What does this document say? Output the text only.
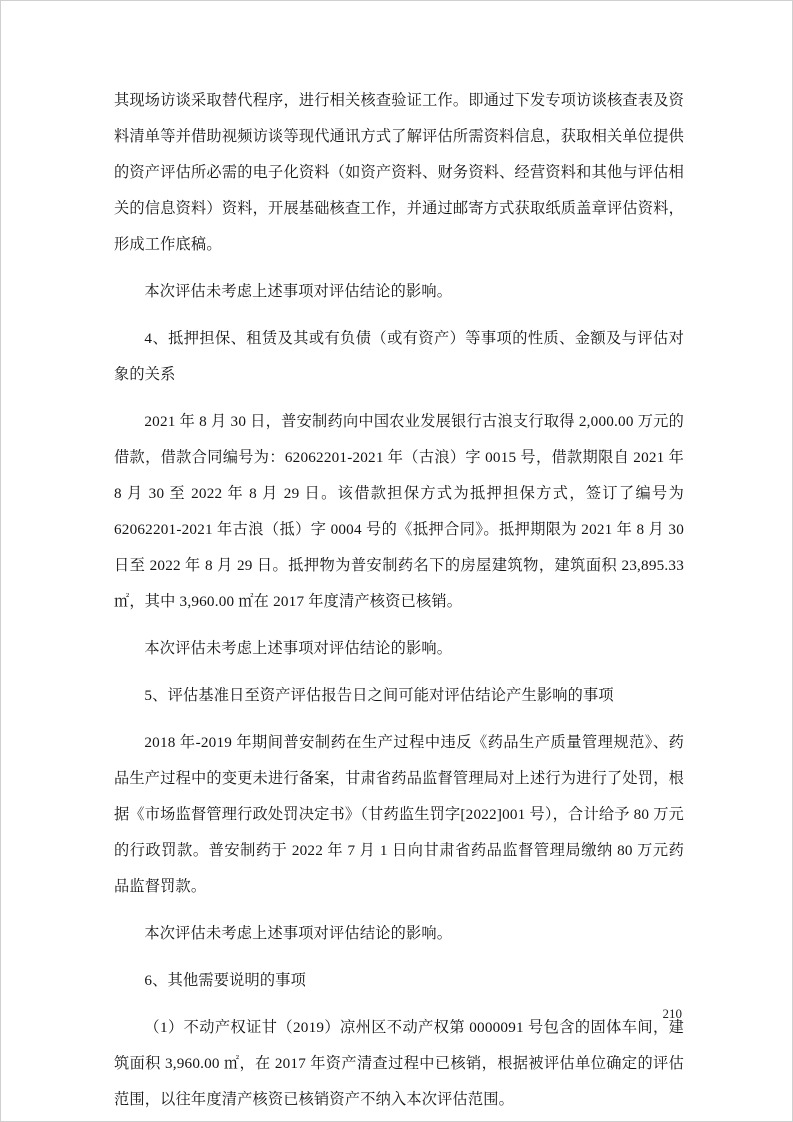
其现场访谈采取替代程序，进行相关核查验证工作。即通过下发专项访谈核查表及资料清单等并借助视频访谈等现代通讯方式了解评估所需资料信息，获取相关单位提供的资产评估所必需的电子化资料（如资产资料、财务资料、经营资料和其他与评估相关的信息资料）资料，开展基础核查工作，并通过邮寄方式获取纸质盖章评估资料，形成工作底稿。

本次评估未考虑上述事项对评估结论的影响。

4、抵押担保、租赁及其或有负债（或有资产）等事项的性质、金额及与评估对象的关系

2021 年 8 月 30 日，普安制药向中国农业发展银行古浪支行取得 2,000.00 万元的借款，借款合同编号为：62062201-2021 年（古浪）字 0015 号，借款期限自 2021 年 8 月 30 至 2022 年 8 月 29 日。该借款担保方式为抵押担保方式，签订了编号为 62062201-2021 年古浪（抵）字 0004 号的《抵押合同》。抵押期限为 2021 年 8 月 30 日至 2022 年 8 月 29 日。抵押物为普安制药名下的房屋建筑物，建筑面积 23,895.33 ㎡，其中 3,960.00 ㎡在 2017 年度清产核资已核销。

本次评估未考虑上述事项对评估结论的影响。

5、评估基准日至资产评估报告日之间可能对评估结论产生影响的事项

2018 年-2019 年期间普安制药在生产过程中违反《药品生产质量管理规范》、药品生产过程中的变更未进行备案，甘肃省药品监督管理局对上述行为进行了处罚，根据《市场监督管理行政处罚决定书》（甘药监生罚字[2022]001 号），合计给予 80 万元的行政罚款。普安制药于 2022 年 7 月 1 日向甘肃省药品监督管理局缴纳 80 万元药品监督罚款。

本次评估未考虑上述事项对评估结论的影响。

6、其他需要说明的事项

（1）不动产权证甘（2019）凉州区不动产权第 0000091 号包含的固体车间，建筑面积 3,960.00 ㎡，在 2017 年资产清查过程中已核销，根据被评估单位确定的评估范围，以往年度清产核资已核销资产不纳入本次评估范围。

210
